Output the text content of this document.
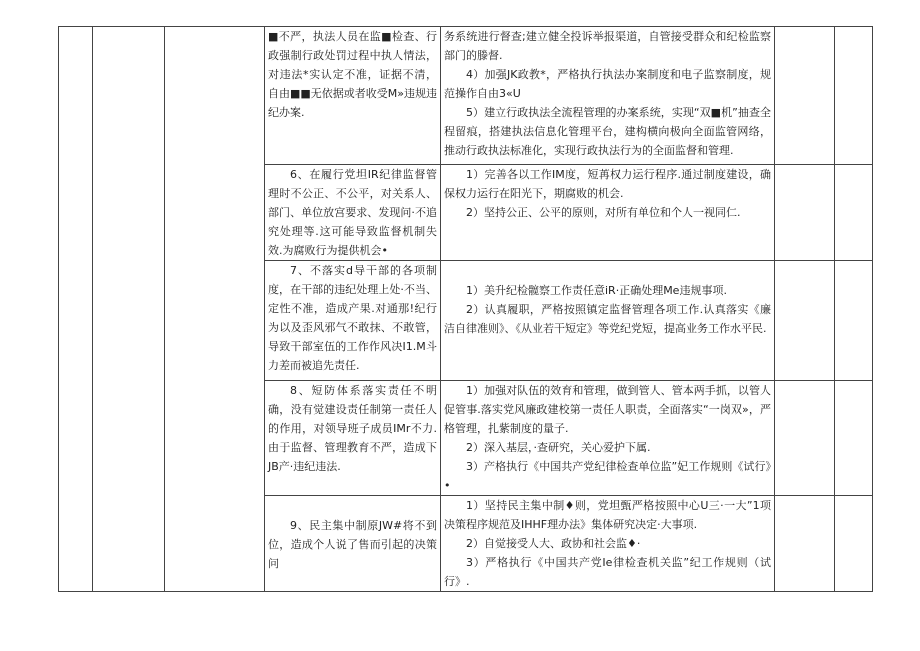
			■不严，执法人员在监■检查、行政强制行政处罚过程中执人情法，对违法*实认定不准，证据不清，自由■■无依据或者收受M»违规违纪办案.	务系统进行督查;建立健全投诉举报渠道，自管接受群众和纪检监察部门的滕督.

4）加强JK政教*，严格执行执法办案制度和电子监察制度，规范操作自由3«U

5）建立行政执法全流程管理的办案系统，实现“双■机”抽查全程留痕，搭建执法信息化管理平台，建构横向极向全面监管网络，推动行政执法标准化，实现行政执法行为的全面监督和管理.		

			6、在履行党坦IR纪律监督管理时不公正、不公平，对关系人、部门、单位放宫要求、发现问·不追究处理等.这可能导致监督机制失效.为腐败行为提供机会•	1）完善各以工作IM度，短苒权力运行程序.通过制度建设，确保权力运行在阳光下，期腐败的机会.

2）坚持公正、公平的原则，对所有单位和个人一视同仁.		

			7、不落实d导干部的各项制度，在干部的违纪处理上处·不当、定性不准，造成产果.对通那!纪行为以及歪风邪气不敢抹、不敢管，导致干部室伍的工作作风决I1.M斗力差而被追先责任.	1）美升纪检髋察工作责任意iR·正确处理Me违规事项.

2）认真履职，严格按照镇定监督管理各项工作.认真落实《廉洁自律准则》、《从业若干短定》等党纪党短，提高业务工作水平民.		

			8、短防体系落实责任不明确，没有觉建设责任制第一责任人的作用，对领导班子成员IMr不力.由于监督、管理教育不严，造成下JB产·违纪违法.	1）加强对队伍的效育和管理，做到管人、管本两手抓，以管人促管事.落实党风廉政建校第一责任人职责，全面落实“一岗双»，严格管理，扎紫制度的量子.

2）深入基层，·查研究，关心爱护下属.

3）产格执行《中国共产党纪律检查单位监”妃工作规则《试行》•		

			9、民主集中制原JW#将不到位，造成个人说了售而引起的决策问	1）坚持民主集中制♦则，党坦甄严格按照中心U三·一大”1项决策程序规范及IHHF理办法》集体研究决定·大事项.

2）自觉接受人大、政协和社会监♦·

3）严格执行《中国共产党Ie律检查机关监”纪工作规则（试行》.		
